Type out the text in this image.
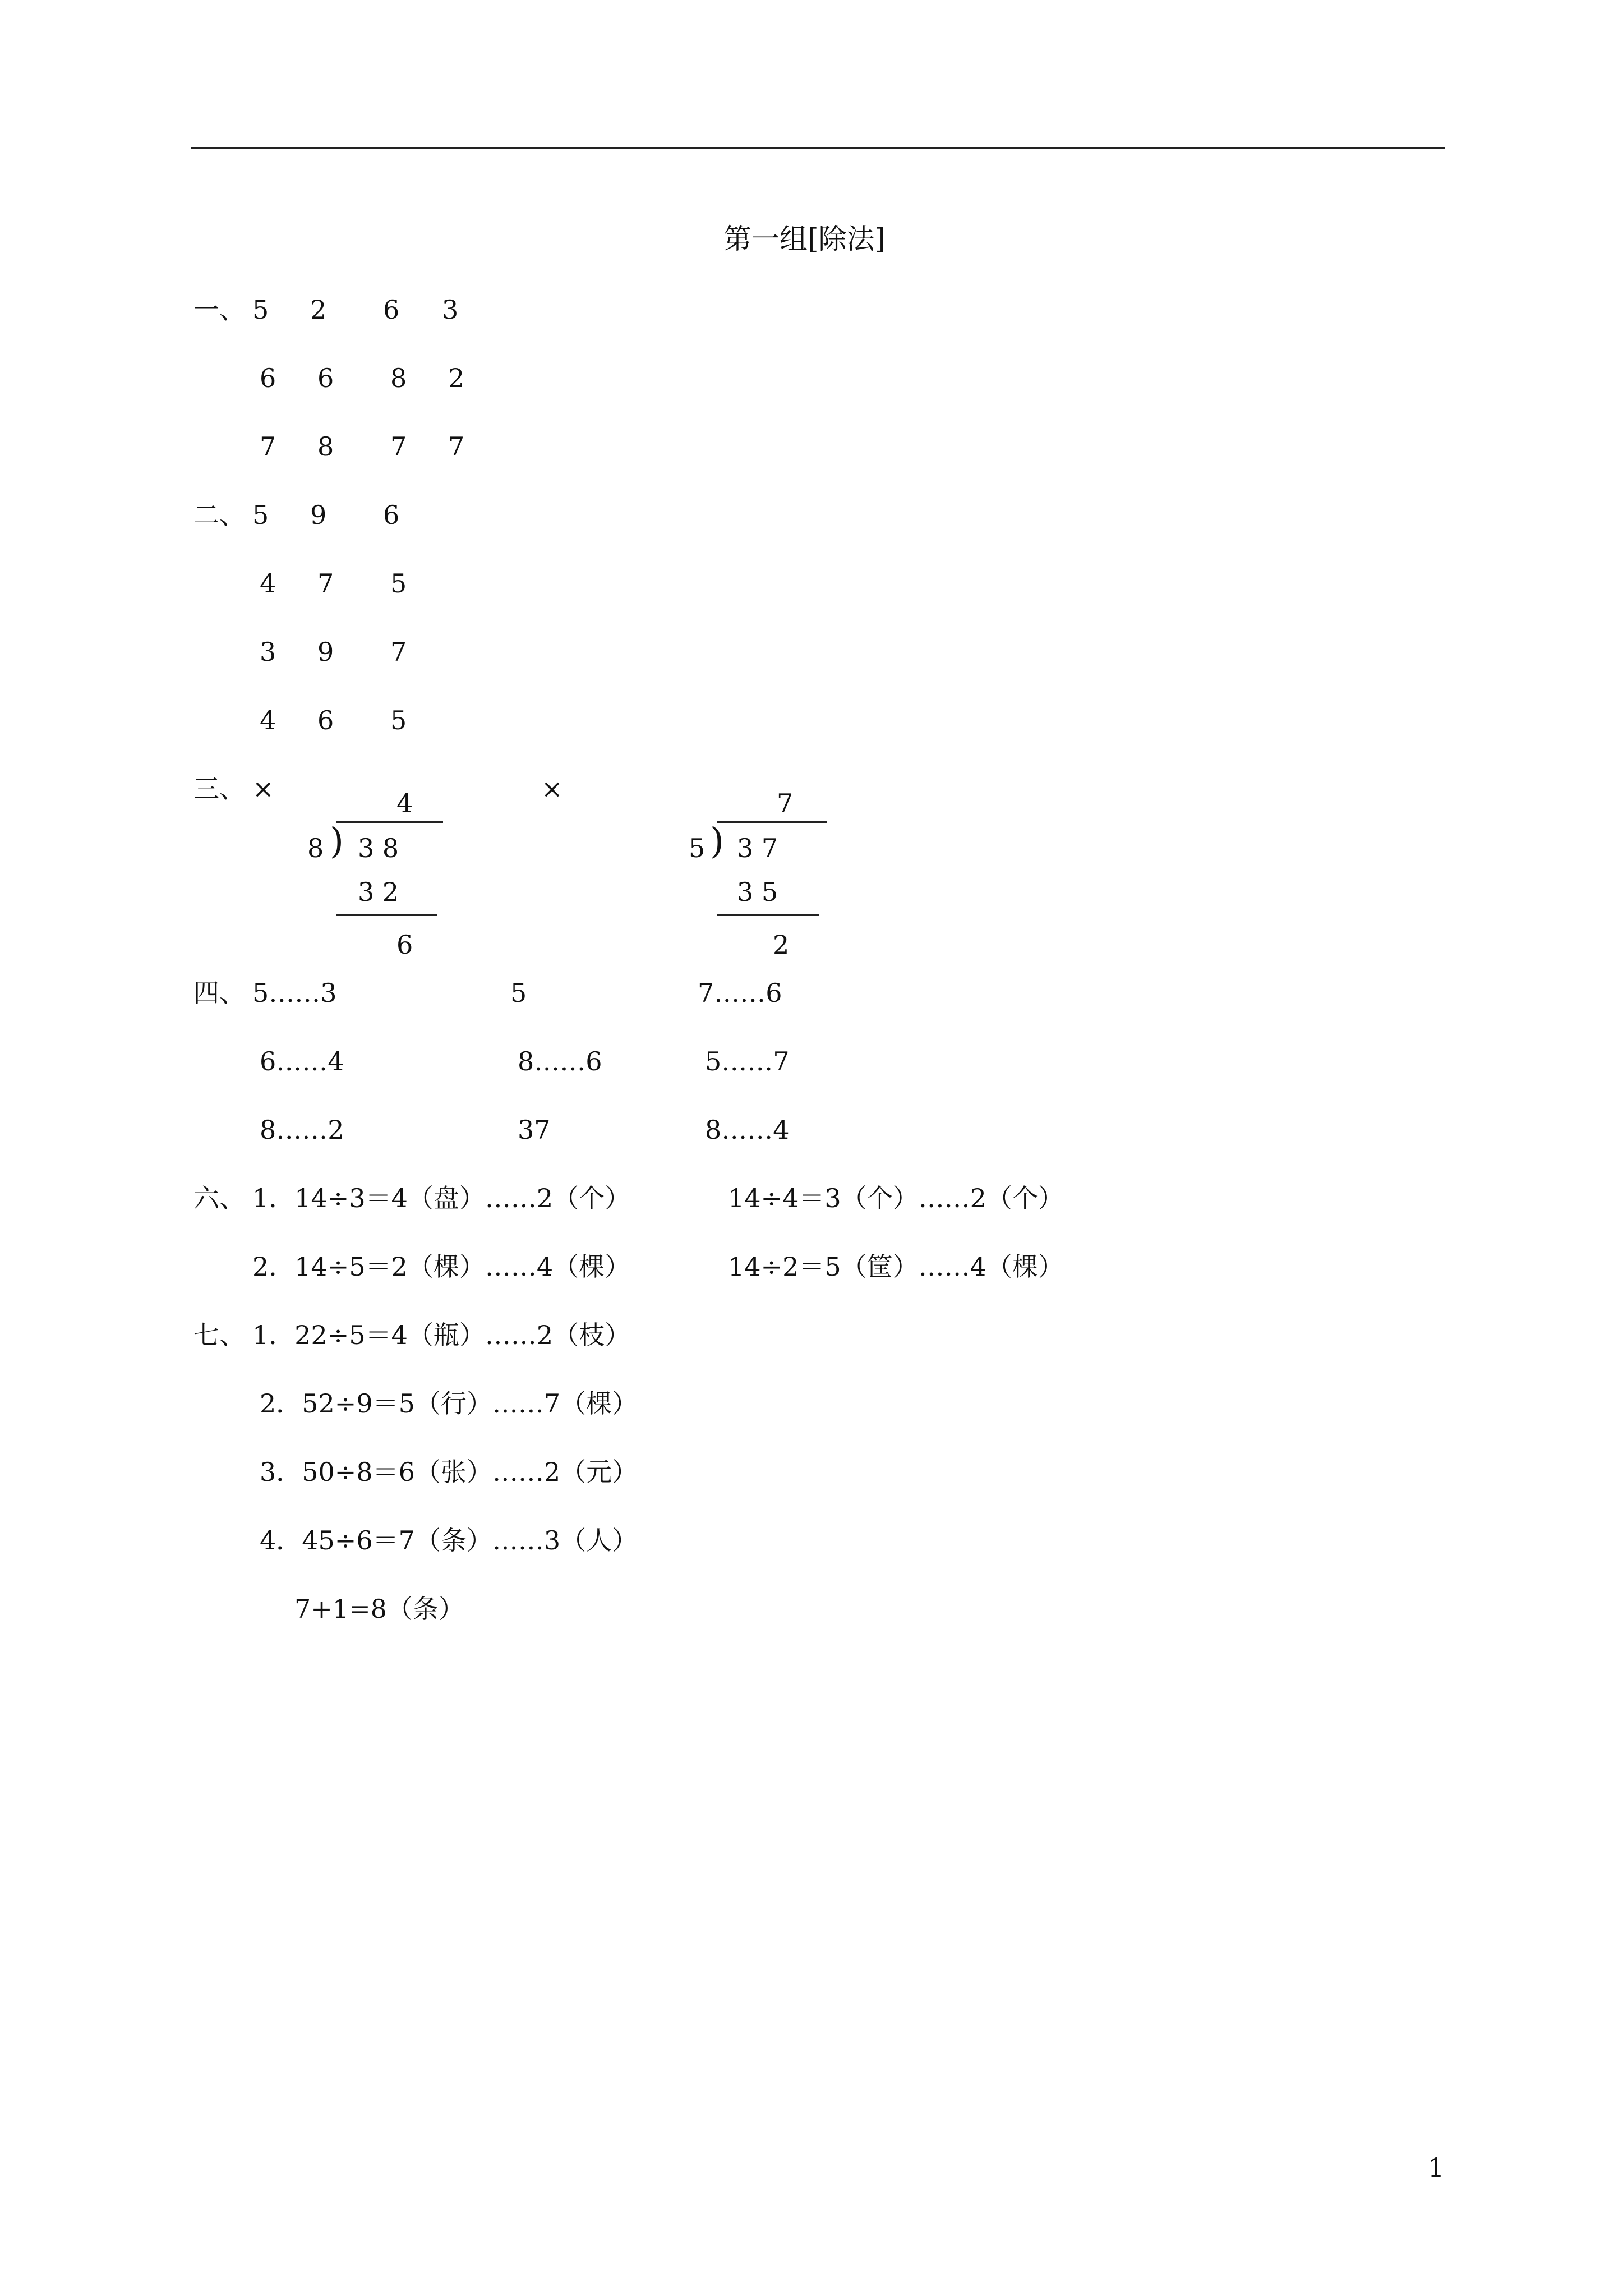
第一组[除法]
一、 5 2 6 3
6 6 8 2
7 8 7 7
二、 5 9 6
4 7 5
3 9 7
4 6 5
三、 ×	×
4
8 ) 3 8
3 2
6
7
5 ) 3 7
3 5
2
四、 5……3	5	7……6
6……4	8……6	5……7
8……2	37	8……4
六、 1．14÷3＝4（盘）……2（个）	14÷4＝3（个）……2（个）
2．14÷5＝2（棵）……4（棵）	14÷2＝5（筐）……4（棵）
七、 1．22÷5＝4（瓶）……2（枝）
2．52÷9＝5（行）……7（棵）
3．50÷8＝6（张）……2（元）
4．45÷6＝7（条）……3（人）
7+1=8（条）
1
